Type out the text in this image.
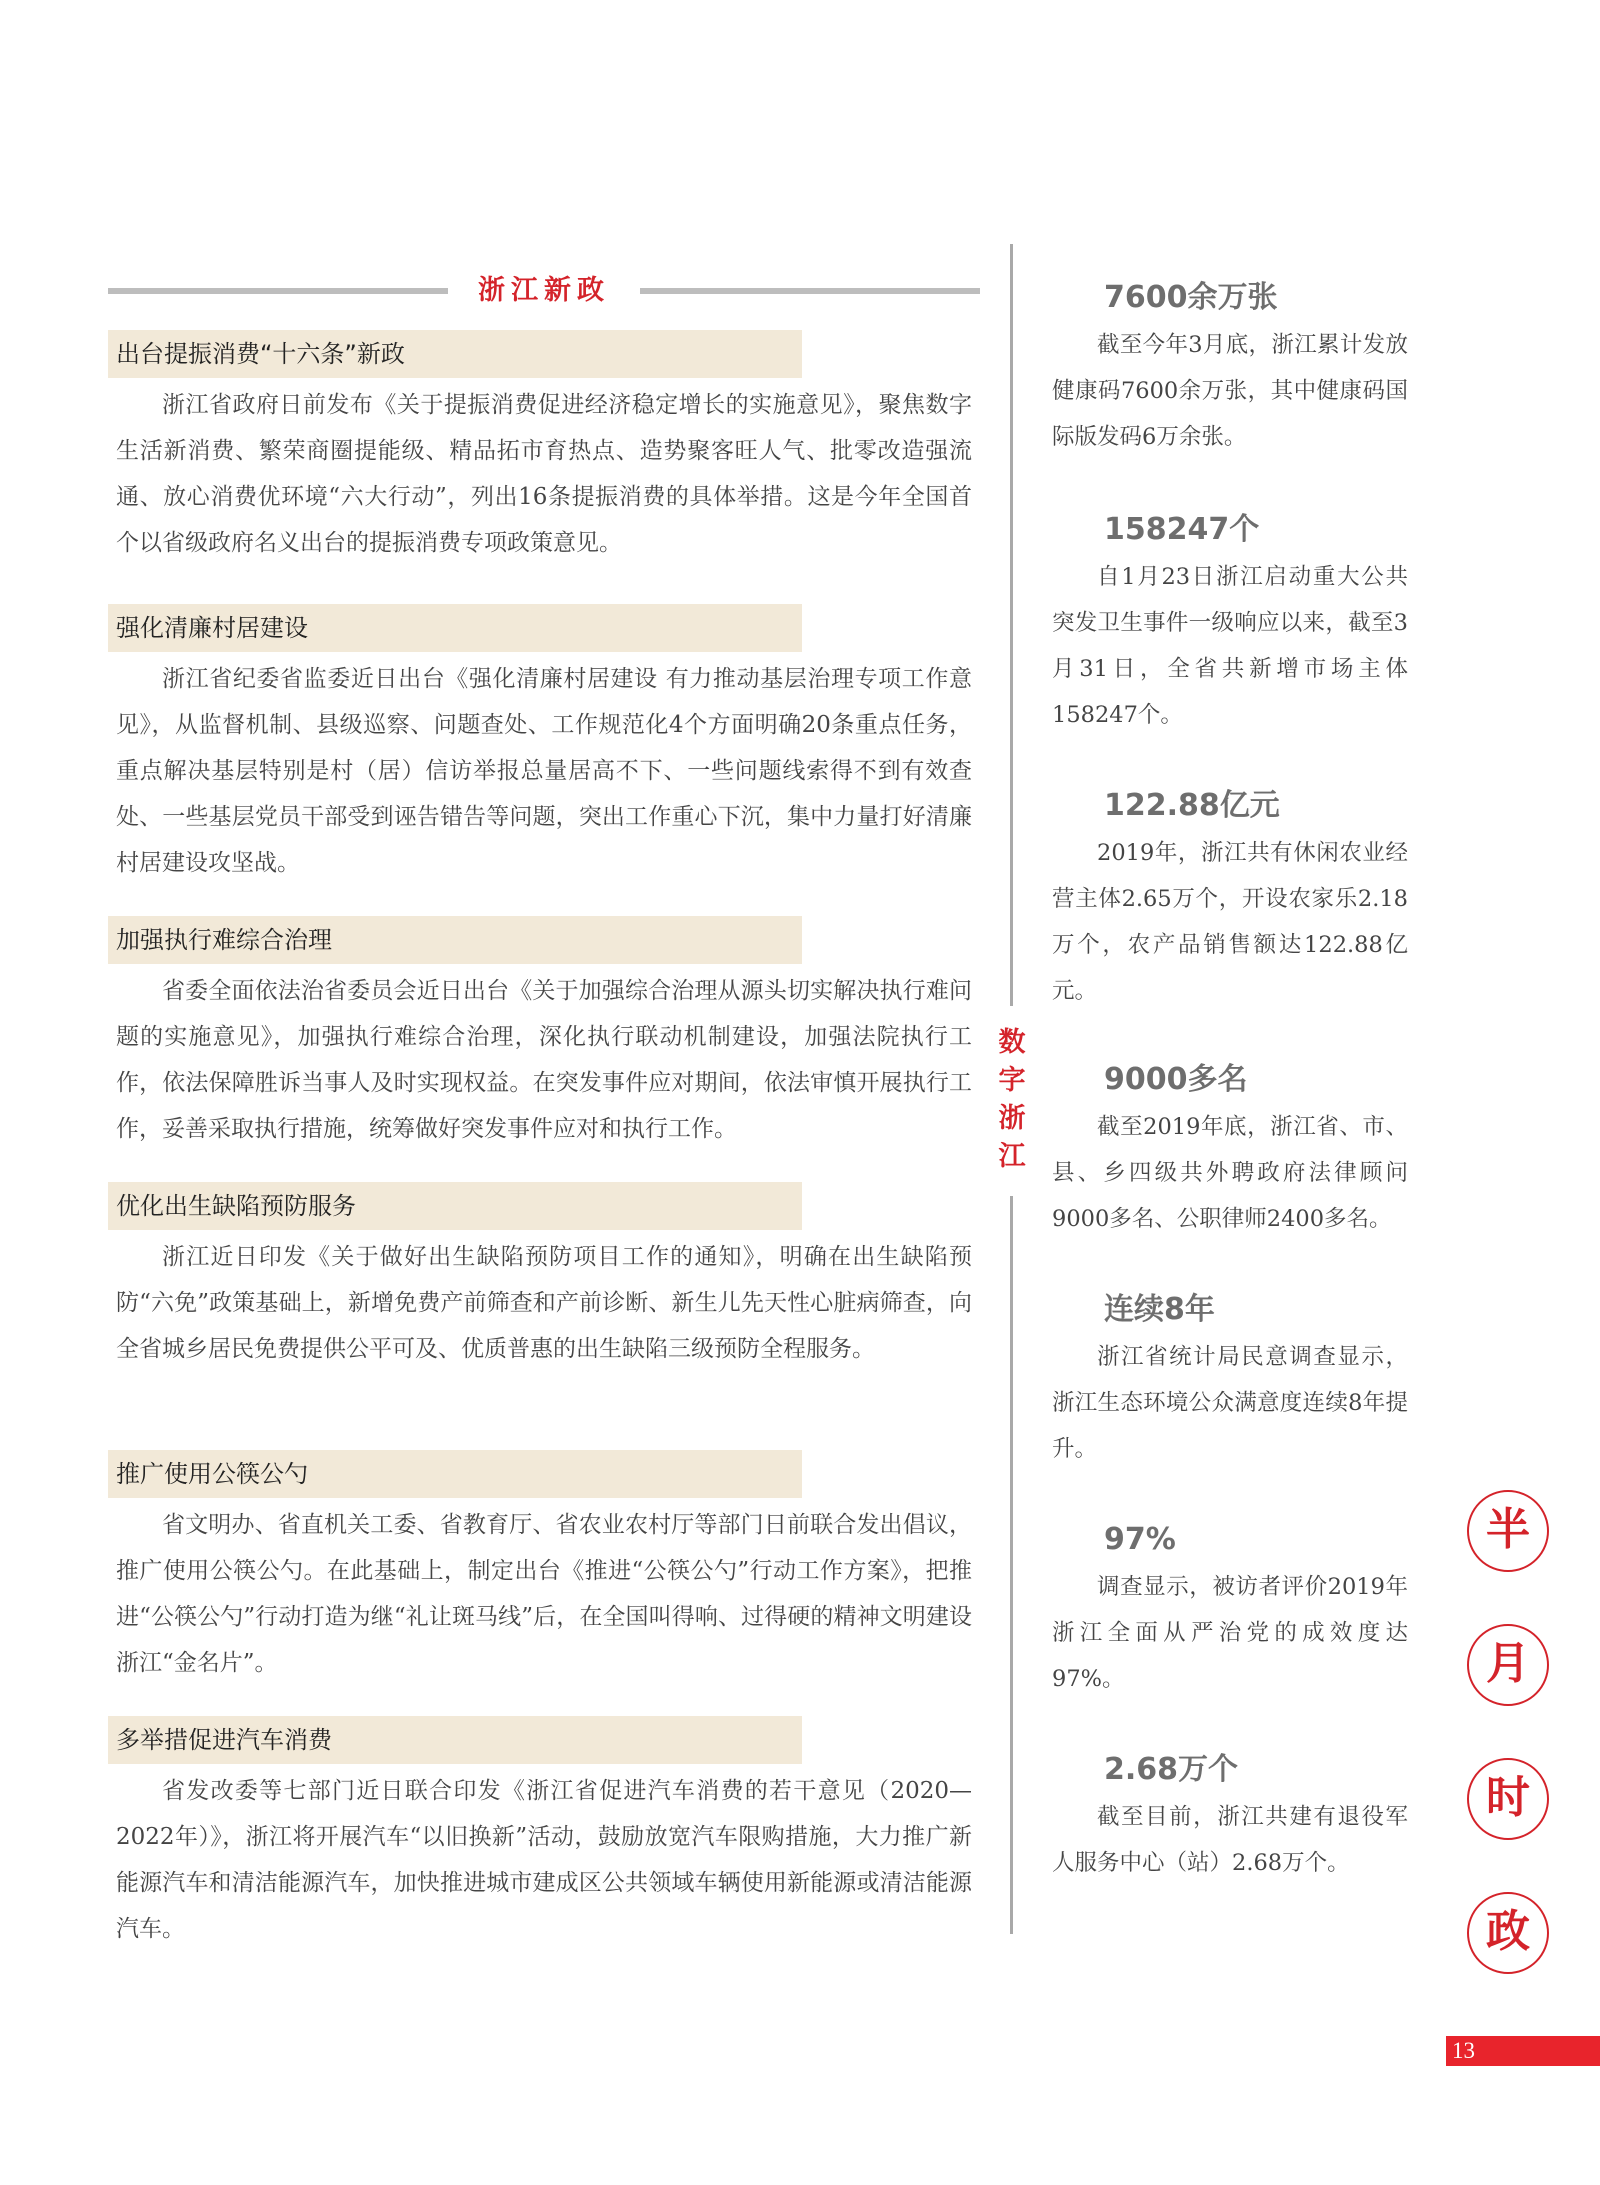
浙江新政
出台提振消费“十六条”新政
浙江省政府日前发布《关于提振消费促进经济稳定增长的实施意见》，聚焦数字生活新消费、繁荣商圈提能级、精品拓市育热点、造势聚客旺人气、批零改造强流通、放心消费优环境“六大行动”，列出16条提振消费的具体举措。这是今年全国首个以省级政府名义出台的提振消费专项政策意见。
强化清廉村居建设
浙江省纪委省监委近日出台《强化清廉村居建设 有力推动基层治理专项工作意见》，从监督机制、县级巡察、问题查处、工作规范化4个方面明确20条重点任务，重点解决基层特别是村（居）信访举报总量居高不下、一些问题线索得不到有效查处、一些基层党员干部受到诬告错告等问题，突出工作重心下沉，集中力量打好清廉村居建设攻坚战。
加强执行难综合治理
省委全面依法治省委员会近日出台《关于加强综合治理从源头切实解决执行难问题的实施意见》，加强执行难综合治理，深化执行联动机制建设，加强法院执行工作，依法保障胜诉当事人及时实现权益。在突发事件应对期间，依法审慎开展执行工作，妥善采取执行措施，统筹做好突发事件应对和执行工作。
优化出生缺陷预防服务
浙江近日印发《关于做好出生缺陷预防项目工作的通知》，明确在出生缺陷预防“六免”政策基础上，新增免费产前筛查和产前诊断、新生儿先天性心脏病筛查，向全省城乡居民免费提供公平可及、优质普惠的出生缺陷三级预防全程服务。
推广使用公筷公勺
省文明办、省直机关工委、省教育厅、省农业农村厅等部门日前联合发出倡议，推广使用公筷公勺。在此基础上，制定出台《推进“公筷公勺”行动工作方案》，把推进“公筷公勺”行动打造为继“礼让斑马线”后，在全国叫得响、过得硬的精神文明建设浙江“金名片”。
多举措促进汽车消费
省发改委等七部门近日联合印发《浙江省促进汽车消费的若干意见（2020—2022年）》，浙江将开展汽车“以旧换新”活动，鼓励放宽汽车限购措施，大力推广新能源汽车和清洁能源汽车，加快推进城市建成区公共领域车辆使用新能源或清洁能源汽车。
数
字
浙
江
7600余万张
截至今年3月底，浙江累计发放健康码7600余万张，其中健康码国际版发码6万余张。
158247个
自1月23日浙江启动重大公共突发卫生事件一级响应以来，截至3月31日，全省共新增市场主体158247个。
122.88亿元
2019年，浙江共有休闲农业经营主体2.65万个，开设农家乐2.18万个，农产品销售额达122.88亿元。
9000多名
截至2019年底，浙江省、市、县、乡四级共外聘政府法律顾问9000多名、公职律师2400多名。
连续8年
浙江省统计局民意调查显示，浙江生态环境公众满意度连续8年提升。
97%
调查显示，被访者评价2019年浙江全面从严治党的成效度达97%。
2.68万个
截至目前，浙江共建有退役军人服务中心（站）2.68万个。
半
月
时
政
13
